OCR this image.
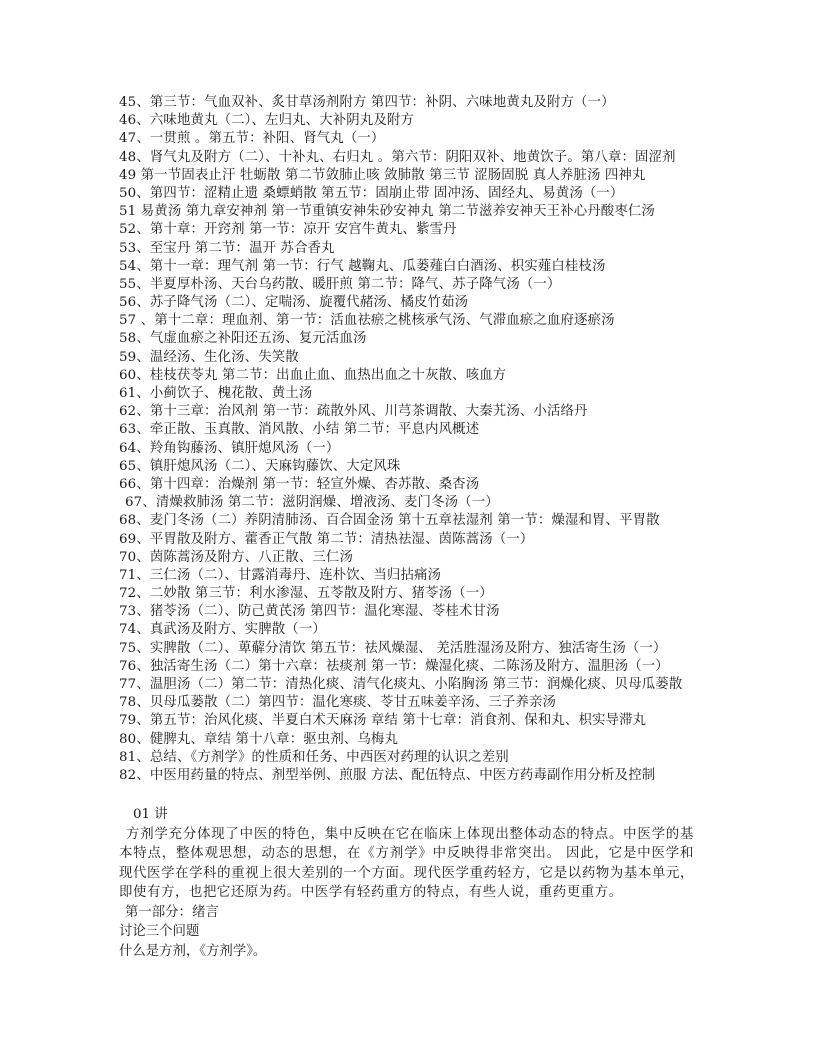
45、第三节：气血双补、炙甘草汤剂附方 第四节：补阴、六味地黄丸及附方（一）
46、六味地黄丸（二）、左归丸、大补阴丸及附方
47、一贯煎 。第五节：补阳、肾气丸（一）
48、肾气丸及附方（二）、十补丸、右归丸 。第六节：阴阳双补、地黄饮子。第八章：固涩剂
49 第一节固表止汗 牡蛎散 第二节敛肺止咳 敛肺散 第三节 涩肠固脱 真人养脏汤 四神丸
50、第四节：涩精止遗 桑螵蛸散 第五节：固崩止带 固冲汤、固经丸、易黄汤（一）
51 易黄汤 第九章安神剂 第一节重镇安神朱砂安神丸 第二节滋养安神天王补心丹酸枣仁汤
52、第十章：开窍剂 第一节：凉开 安宫牛黄丸、紫雪丹
53、至宝丹 第二节：温开 苏合香丸
54、第十一章：理气剂 第一节：行气 越鞠丸、瓜蒌薤白白酒汤、枳实薤白桂枝汤
55、半夏厚朴汤、天台乌药散、暖肝煎 第二节：降气、苏子降气汤（一）
56、苏子降气汤（二）、定喘汤、旋覆代赭汤、橘皮竹茹汤
57 、第十二章：理血剂、第一节：活血祛瘀之桃核承气汤、气滞血瘀之血府逐瘀汤
58、气虚血瘀之补阳还五汤、复元活血汤
59、温经汤、生化汤、失笑散
60、桂枝茯苓丸 第二节：出血止血、血热出血之十灰散、咳血方
61、小蓟饮子、槐花散、黄土汤
62、第十三章：治风剂 第一节：疏散外风、川芎茶调散、大秦艽汤、小活络丹
63、牵正散、玉真散、消风散、小结 第二节：平息内风概述
64、羚角钩藤汤、镇肝熄风汤（一）
65、镇肝熄风汤（二）、天麻钩藤饮、大定风珠
66、第十四章：治燥剂 第一节：轻宣外燥、杏苏散、桑杏汤
67、清燥救肺汤 第二节：滋阴润燥、增液汤、麦门冬汤（一）
68、麦门冬汤（二）养阴清肺汤、百合固金汤 第十五章祛湿剂 第一节：燥湿和胃、平胃散
69、平胃散及附方、藿香正气散 第二节：清热祛湿、茵陈蒿汤（一）
70、茵陈蒿汤及附方、八正散、三仁汤
71、三仁汤（二）、甘露消毒丹、连朴饮、当归拈痛汤
72、二妙散 第三节：利水渗湿、五苓散及附方、猪苓汤（一）
73、猪苓汤（二）、防己黄芪汤 第四节：温化寒湿、苓桂术甘汤
74、真武汤及附方、实脾散（一）
75、实脾散（二）、萆薢分清饮 第五节：祛风燥湿、 羌活胜湿汤及附方、独活寄生汤（一）
76、独活寄生汤（二）第十六章：祛痰剂 第一节：燥湿化痰、二陈汤及附方、温胆汤（一）
77、温胆汤（二）第二节：清热化痰、清气化痰丸、小陷胸汤 第三节：润燥化痰、贝母瓜蒌散
78、贝母瓜蒌散（二）第四节：温化寒痰、苓甘五味姜辛汤、三子养亲汤
79、第五节：治风化痰、半夏白术天麻汤 章结 第十七章：消食剂、保和丸、枳实导滞丸
80、健脾丸、章结 第十八章：驱虫剂、乌梅丸
81、总结、《方剂学》的性质和任务、中西医对药理的认识之差别
82、中医用药量的特点、剂型举例、煎服 方法、配伍特点、中医方药毒副作用分析及控制
01 讲

方剂学充分体现了中医的特色，集中反映在它在临床上体现出整体动态的特点。中医学的基本特点，整体观思想，动态的思想，在《方剂学》中反映得非常突出。 因此，它是中医学和现代医学在学科的重视上很大差别的一个方面。现代医学重药轻方，它是以药物为基本单元，即使有方，也把它还原为药。中医学有轻药重方的特点，有些人说，重药更重方。

第一部分：绪言
讨论三个问题
什么是方剂，《方剂学》。
